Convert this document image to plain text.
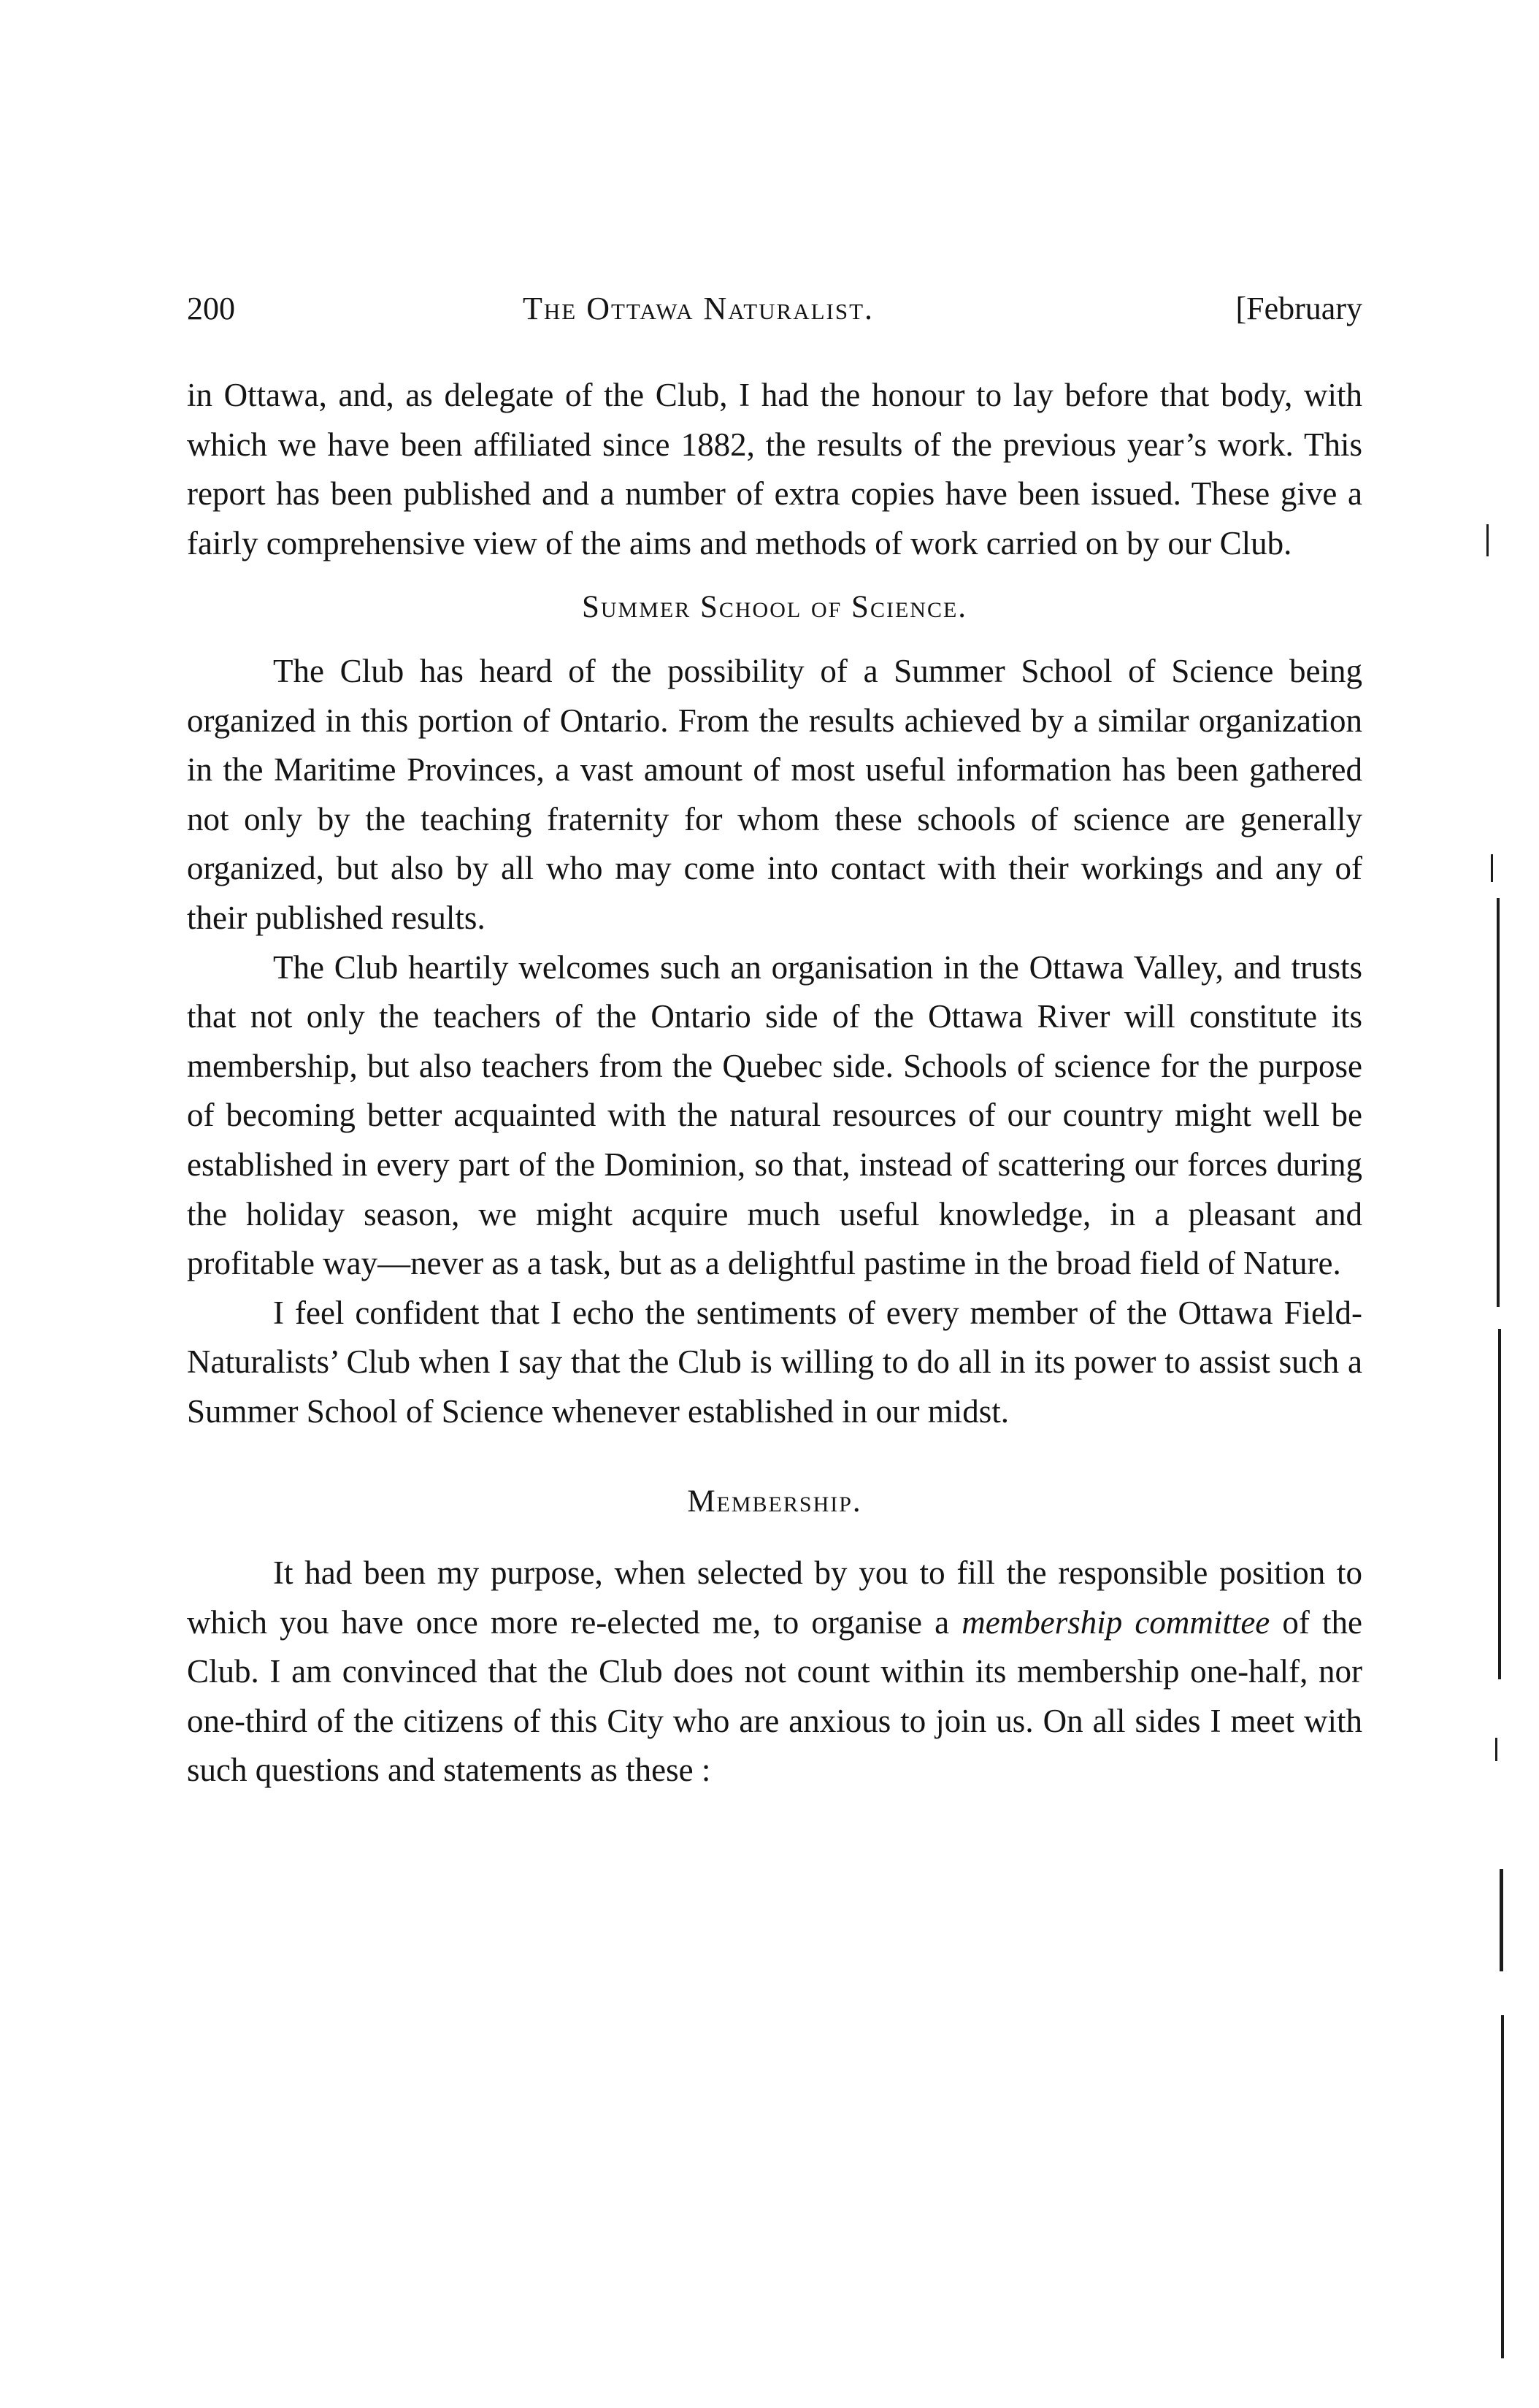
200	The Ottawa Naturalist.	[February

in Ottawa, and, as delegate of the Club, I had the honour to lay before that body, with which we have been affiliated since 1882, the results of the previous year’s work. This report has been published and a number of extra copies have been issued. These give a fairly comprehensive view of the aims and methods of work carried on by our Club.

Summer School of Science.

The Club has heard of the possibility of a Summer School of Science being organized in this portion of Ontario. From the results achieved by a similar organization in the Maritime Provinces, a vast amount of most useful information has been gathered not only by the teaching fraternity for whom these schools of science are generally organized, but also by all who may come into contact with their workings and any of their published results.

The Club heartily welcomes such an organisation in the Ottawa Valley, and trusts that not only the teachers of the Ontario side of the Ottawa River will constitute its membership, but also teachers from the Quebec side. Schools of science for the purpose of becoming better acquainted with the natural resources of our country might well be established in every part of the Dominion, so that, instead of scattering our forces during the holiday season, we might acquire much useful knowledge, in a pleasant and profitable way—never as a task, but as a delightful pastime in the broad field of Nature.

I feel confident that I echo the sentiments of every member of the Ottawa Field-Naturalists’ Club when I say that the Club is willing to do all in its power to assist such a Summer School of Science whenever established in our midst.

Membership.

It had been my purpose, when selected by you to fill the responsible position to which you have once more re-elected me, to organise a membership committee of the Club. I am convinced that the Club does not count within its membership one-half, nor one-third of the citizens of this City who are anxious to join us. On all sides I meet with such questions and statements as these :
